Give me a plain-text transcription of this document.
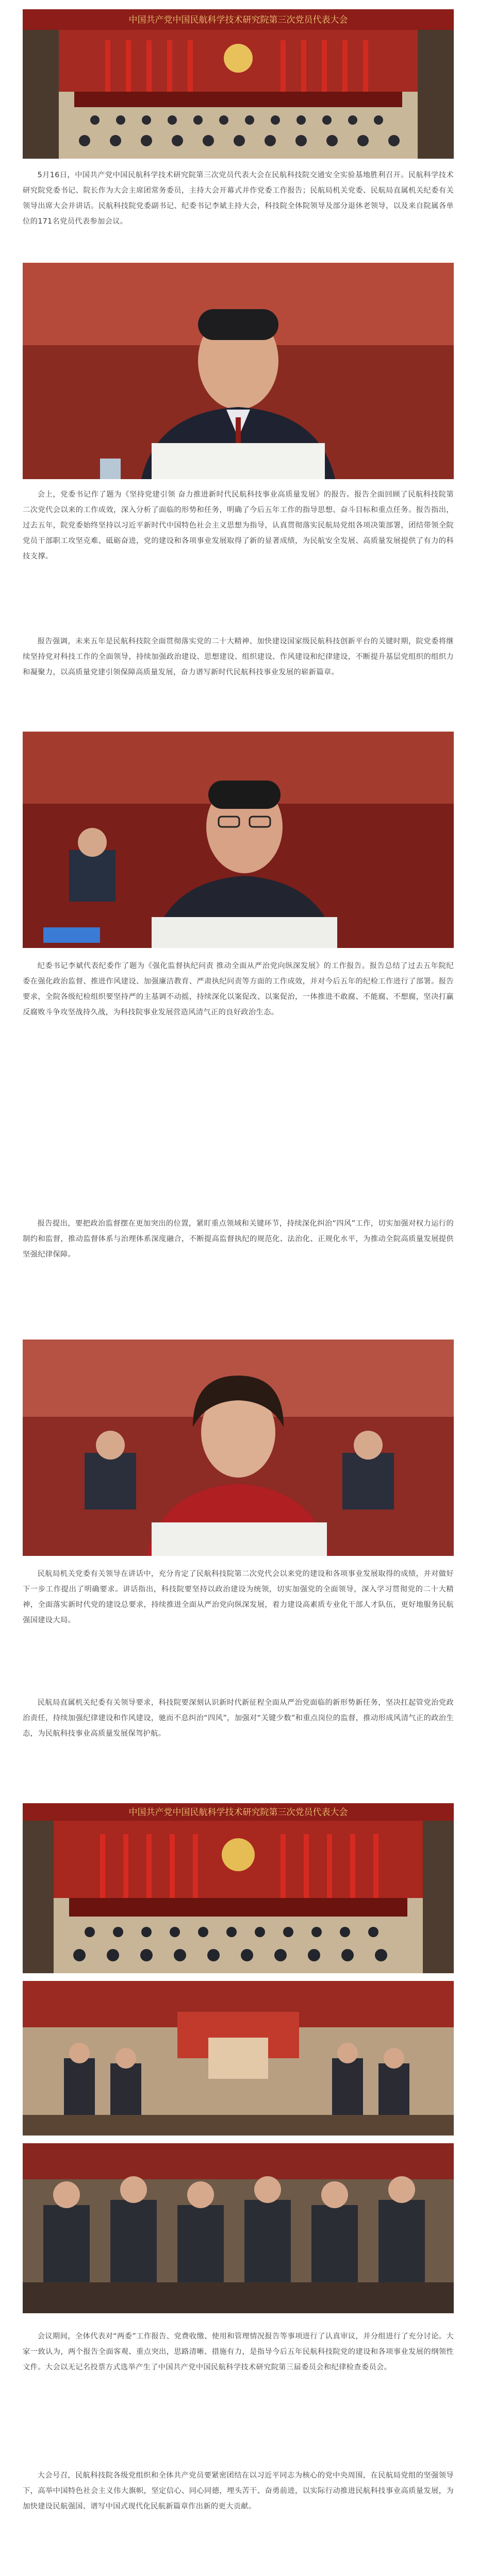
中国共产党中国民航科学技术研究院第三次党员代表大会

5月16日，中国共产党中国民航科学技术研究院第三次党员代表大会在民航科技院交通安全实验基地胜利召开。民航科学技术研究院党委书记、院长作为大会主席团常务委员，主持大会开幕式并作党委工作报告；民航局机关党委、民航局直属机关纪委有关领导出席大会并讲话。民航科技院党委副书记、纪委书记李斌主持大会，科技院全体院领导及部分退休老领导，以及来自院属各单位的171名党员代表参加会议。

会上，党委书记作了题为《坚持党建引领 奋力推进新时代民航科技事业高质量发展》的报告。报告全面回顾了民航科技院第二次党代会以来的工作成效，深入分析了面临的形势和任务，明确了今后五年工作的指导思想、奋斗目标和重点任务。报告指出，过去五年，院党委始终坚持以习近平新时代中国特色社会主义思想为指导，认真贯彻落实民航局党组各项决策部署，团结带领全院党员干部职工攻坚克难、砥砺奋进，党的建设和各项事业发展取得了新的显著成绩，为民航安全发展、高质量发展提供了有力的科技支撑。

报告强调，未来五年是民航科技院全面贯彻落实党的二十大精神、加快建设国家级民航科技创新平台的关键时期，院党委将继续坚持党对科技工作的全面领导，持续加强政治建设、思想建设、组织建设、作风建设和纪律建设，不断提升基层党组织的组织力和凝聚力，以高质量党建引领保障高质量发展，奋力谱写新时代民航科技事业发展的崭新篇章。

纪委书记李斌代表纪委作了题为《强化监督执纪问责 推动全面从严治党向纵深发展》的工作报告。报告总结了过去五年院纪委在强化政治监督、推进作风建设、加强廉洁教育、严肃执纪问责等方面的工作成效，并对今后五年的纪检工作进行了部署。报告要求，全院各级纪检组织要坚持严的主基调不动摇，持续深化以案促改、以案促治，一体推进不敢腐、不能腐、不想腐，坚决打赢反腐败斗争攻坚战持久战，为科技院事业发展营造风清气正的良好政治生态。

报告提出，要把政治监督摆在更加突出的位置，紧盯重点领域和关键环节，持续深化纠治“四风”工作，切实加强对权力运行的制约和监督，推动监督体系与治理体系深度融合，不断提高监督执纪的规范化、法治化、正规化水平，为推动全院高质量发展提供坚强纪律保障。

民航局机关党委有关领导在讲话中，充分肯定了民航科技院第二次党代会以来党的建设和各项事业发展取得的成绩，并对做好下一步工作提出了明确要求。讲话指出，科技院要坚持以政治建设为统领，切实加强党的全面领导，深入学习贯彻党的二十大精神，全面落实新时代党的建设总要求，持续推进全面从严治党向纵深发展，着力建设高素质专业化干部人才队伍，更好地服务民航强国建设大局。

民航局直属机关纪委有关领导要求，科技院要深刻认识新时代新征程全面从严治党面临的新形势新任务，坚决扛起管党治党政治责任，持续加强纪律建设和作风建设，驰而不息纠治“四风”，加强对“关键少数”和重点岗位的监督，推动形成风清气正的政治生态，为民航科技事业高质量发展保驾护航。

中国共产党中国民航科学技术研究院第三次党员代表大会

会议期间，全体代表对“两委”工作报告、党费收缴、使用和管理情况报告等事项进行了认真审议，并分组进行了充分讨论。大家一致认为，两个报告全面客观、重点突出，思路清晰、措施有力，是指导今后五年民航科技院党的建设和各项事业发展的纲领性文件。大会以无记名投票方式选举产生了中国共产党中国民航科学技术研究院第三届委员会和纪律检查委员会。

大会号召，民航科技院各级党组织和全体共产党员要紧密团结在以习近平同志为核心的党中央周围，在民航局党组的坚强领导下，高举中国特色社会主义伟大旗帜，坚定信心、同心同德，埋头苦干、奋勇前进，以实际行动推进民航科技事业高质量发展，为加快建设民航强国、谱写中国式现代化民航新篇章作出新的更大贡献。
